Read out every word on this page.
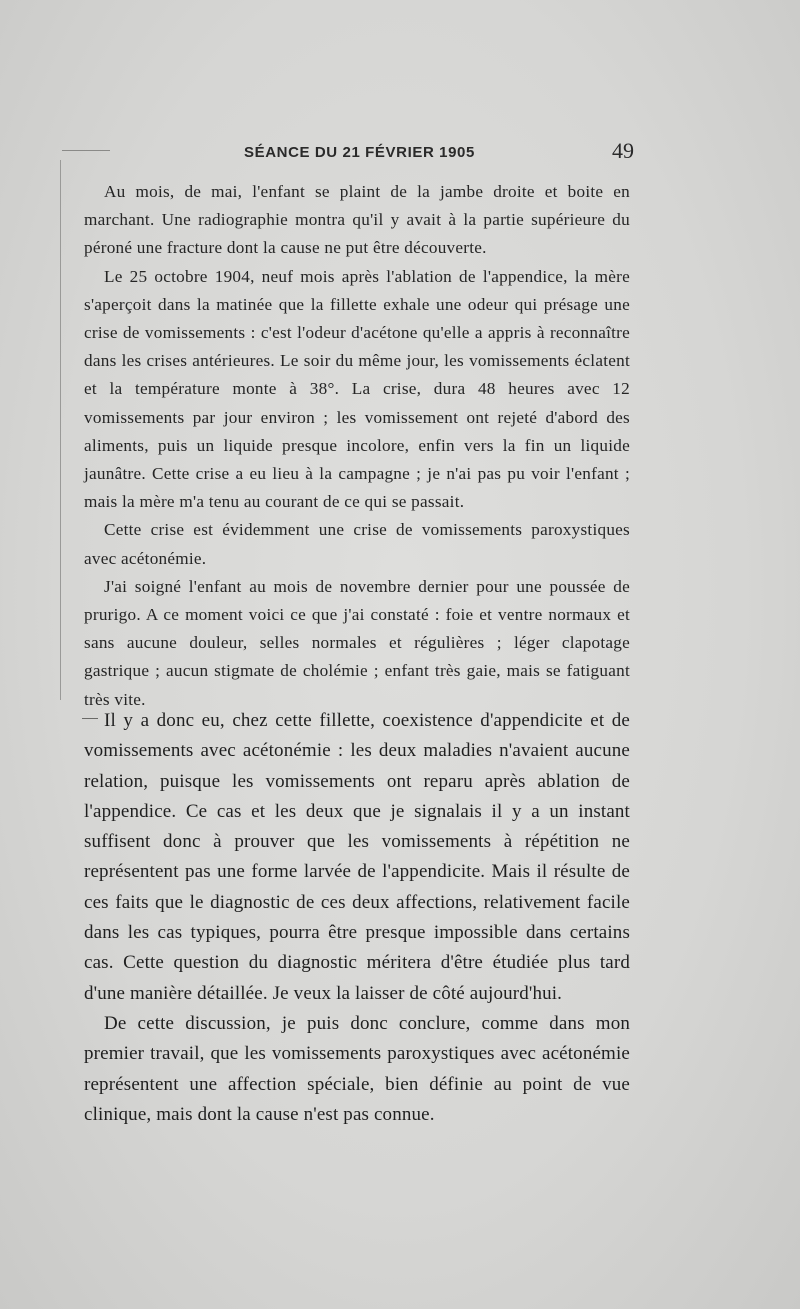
SÉANCE DU 21 FÉVRIER 1905	49

Au mois, de mai, l'enfant se plaint de la jambe droite et boite en marchant. Une radiographie montra qu'il y avait à la partie supérieure du péroné une fracture dont la cause ne put être découverte.

Le 25 octobre 1904, neuf mois après l'ablation de l'appendice, la mère s'aperçoit dans la matinée que la fillette exhale une odeur qui présage une crise de vomissements : c'est l'odeur d'acétone qu'elle a appris à reconnaître dans les crises antérieures. Le soir du même jour, les vomissements éclatent et la température monte à 38°. La crise, dura 48 heures avec 12 vomissements par jour environ ; les vomissement ont rejeté d'abord des aliments, puis un liquide presque incolore, enfin vers la fin un liquide jaunâtre. Cette crise a eu lieu à la campagne ; je n'ai pas pu voir l'enfant ; mais la mère m'a tenu au courant de ce qui se passait.

Cette crise est évidemment une crise de vomissements paroxystiques avec acétonémie.

J'ai soigné l'enfant au mois de novembre dernier pour une poussée de prurigo. A ce moment voici ce que j'ai constaté : foie et ventre normaux et sans aucune douleur, selles normales et régulières ; léger clapotage gastrique ; aucun stigmate de cholémie ; enfant très gaie, mais se fatiguant très vite.

Il y a donc eu, chez cette fillette, coexistence d'appendicite et de vomissements avec acétonémie : les deux maladies n'avaient aucune relation, puisque les vomissements ont reparu après ablation de l'appendice. Ce cas et les deux que je signalais il y a un instant suffisent donc à prouver que les vomissements à répétition ne représentent pas une forme larvée de l'appendicite. Mais il résulte de ces faits que le diagnostic de ces deux affections, relativement facile dans les cas typiques, pourra être presque impossible dans certains cas. Cette question du diagnostic méritera d'être étudiée plus tard d'une manière détaillée. Je veux la laisser de côté aujourd'hui.

De cette discussion, je puis donc conclure, comme dans mon premier travail, que les vomissements paroxystiques avec acétonémie représentent une affection spéciale, bien définie au point de vue clinique, mais dont la cause n'est pas connue.
